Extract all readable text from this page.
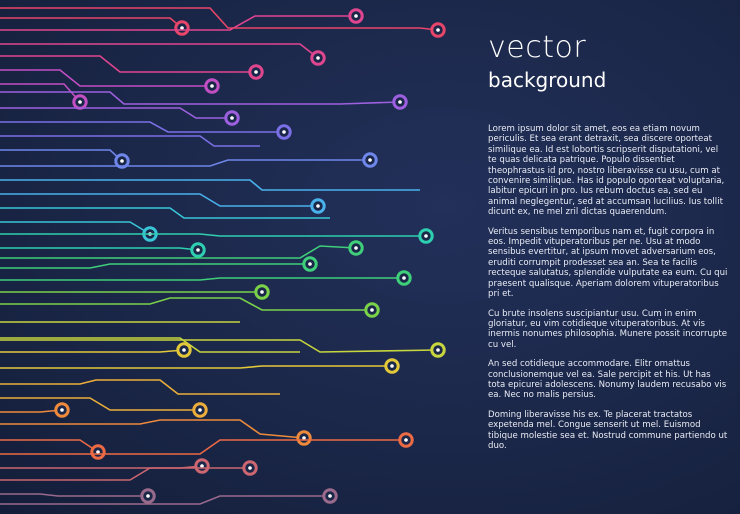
vector
background

Lorem ipsum dolor sit amet, eos ea etiam novum periculis. Et sea erant detraxit, sea discere oporteat similique ea. Id est lobortis scripserit disputationi, vel te quas delicata patrique. Populo dissentiet theophrastus id pro, nostro liberavisse cu usu, cum at convenire similique. Has id populo oporteat voluptaria, labitur epicuri in pro. Ius rebum doctus ea, sed eu animal neglegentur, sed at accumsan lucilius. Ius tollit dicunt ex, ne mel zril dictas quaerendum.

Veritus sensibus temporibus nam et, fugit corpora in eos. Impedit vituperatoribus per ne. Usu at modo sensibus evertitur, at ipsum movet adversarium eos, eruditi corrumpit prodesset sea an. Sea te facilis recteque salutatus, splendide vulputate ea eum. Cu qui praesent qualisque. Aperiam dolorem vituperatoribus pri et.

Cu brute insolens suscipiantur usu. Cum in enim gloriatur, eu vim cotidieque vituperatoribus. At vis inermis nonumes philosophia. Munere possit incorrupte cu vel.

An sed cotidieque accommodare. Elitr omattus conclusionemque vel ea. Sale percipit et his. Ut has tota epicurei adolescens. Nonumy laudem recusabo vis ea. Nec no malis persius.

Doming liberavisse his ex. Te placerat tractatos expetenda mel. Congue senserit ut mel. Euismod tibique molestie sea et. Nostrud commune partiendo ut duo.
